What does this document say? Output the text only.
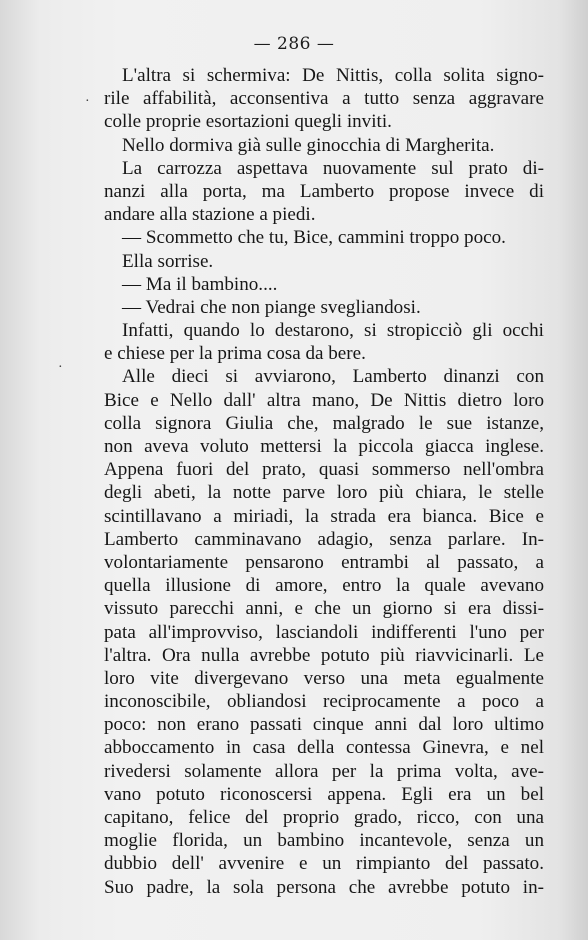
— 286 —
L'altra si schermiva: De Nittis, colla solita signo-
rile affabilità, acconsentiva a tutto senza aggravare
colle proprie esortazioni quegli inviti.
Nello dormiva già sulle ginocchia di Margherita.
La carrozza aspettava nuovamente sul prato di-
nanzi alla porta, ma Lamberto propose invece di
andare alla stazione a piedi.
— Scommetto che tu, Bice, cammini troppo poco.
Ella sorrise.
— Ma il bambino....
— Vedrai che non piange svegliandosi.
Infatti, quando lo destarono, si stropicciò gli occhi
e chiese per la prima cosa da bere.
Alle dieci si avviarono, Lamberto dinanzi con
Bice e Nello dall' altra mano, De Nittis dietro loro
colla signora Giulia che, malgrado le sue istanze,
non aveva voluto mettersi la piccola giacca inglese.
Appena fuori del prato, quasi sommerso nell'ombra
degli abeti, la notte parve loro più chiara, le stelle
scintillavano a miriadi, la strada era bianca. Bice e
Lamberto camminavano adagio, senza parlare. In-
volontariamente pensarono entrambi al passato, a
quella illusione di amore, entro la quale avevano
vissuto parecchi anni, e che un giorno si era dissi-
pata all'improvviso, lasciandoli indifferenti l'uno per
l'altra. Ora nulla avrebbe potuto più riavvicinarli. Le
loro vite divergevano verso una meta egualmente
inconoscibile, obliandosi reciprocamente a poco a
poco: non erano passati cinque anni dal loro ultimo
abboccamento in casa della contessa Ginevra, e nel
rivedersi solamente allora per la prima volta, ave-
vano potuto riconoscersi appena. Egli era un bel
capitano, felice del proprio grado, ricco, con una
moglie florida, un bambino incantevole, senza un
dubbio dell' avvenire e un rimpianto del passato.
Suo padre, la sola persona che avrebbe potuto in-
·
·
